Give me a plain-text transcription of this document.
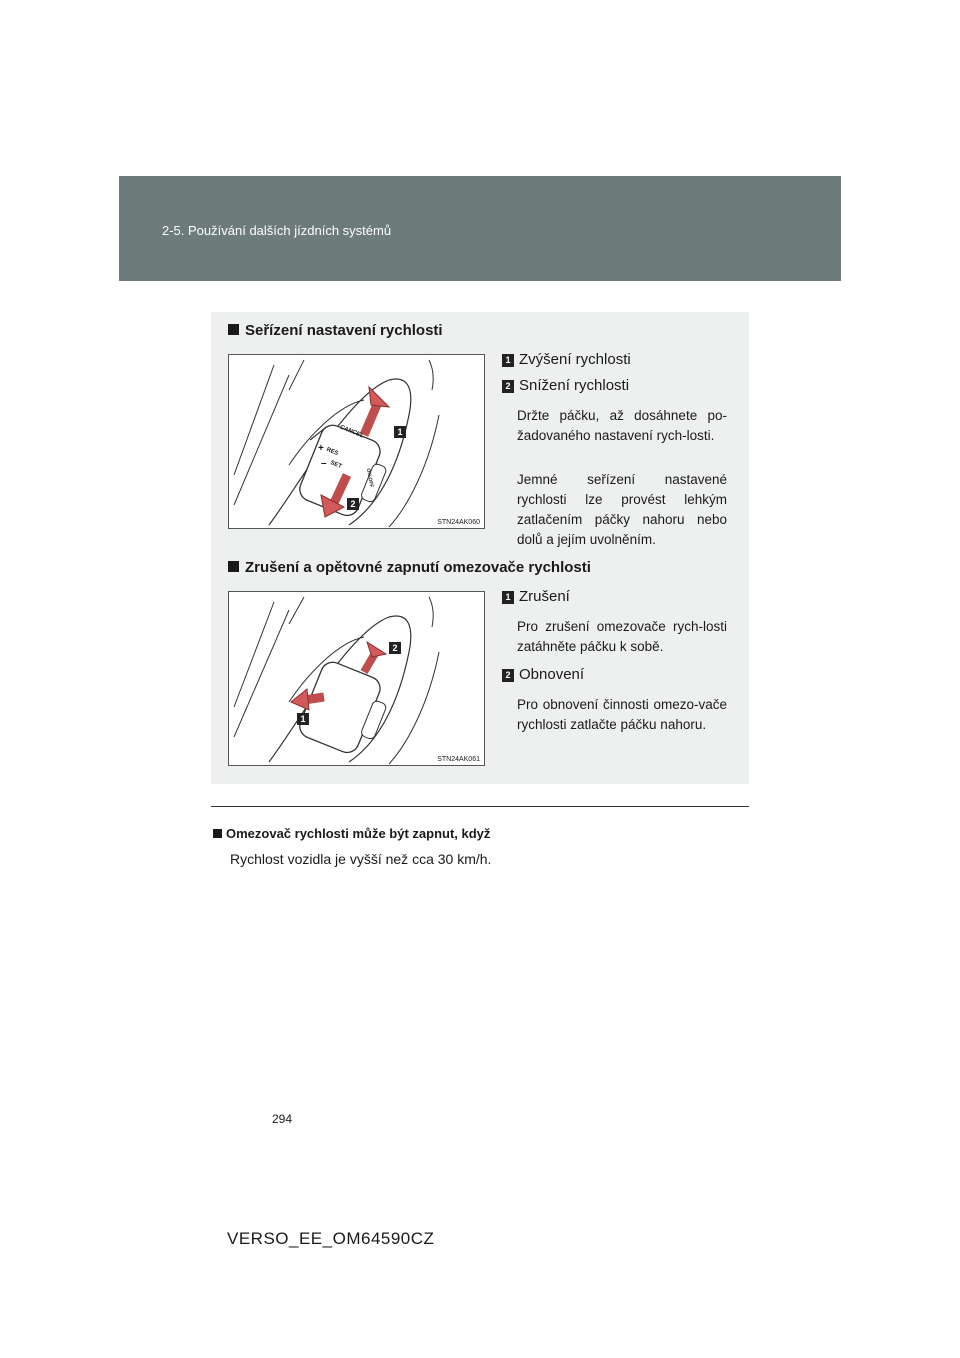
2-5. Používání dalších jízdních systémů
Seřízení nastavení rychlosti
1
2
STN24AK060
1 Zvýšení rychlosti
2 Snížení rychlosti
Držte páčku, až dosáhnete po-žadovaného nastavení rych-losti.
Jemné seřízení nastavené rychlosti lze provést lehkým zatlačením páčky nahoru nebo dolů a jejím uvolněním.
Zrušení a opětovné zapnutí omezovače rychlosti
2
1
STN24AK061
1 Zrušení
Pro zrušení omezovače rych-losti zatáhněte páčku k sobě.
2 Obnovení
Pro obnovení činnosti omezo-vače rychlosti zatlačte páčku nahoru.
Omezovač rychlosti může být zapnut, když
Rychlost vozidla je vyšší než cca 30 km/h.
294
VERSO_EE_OM64590CZ
CANCEL
RES
+
– SET
ON-OFF
